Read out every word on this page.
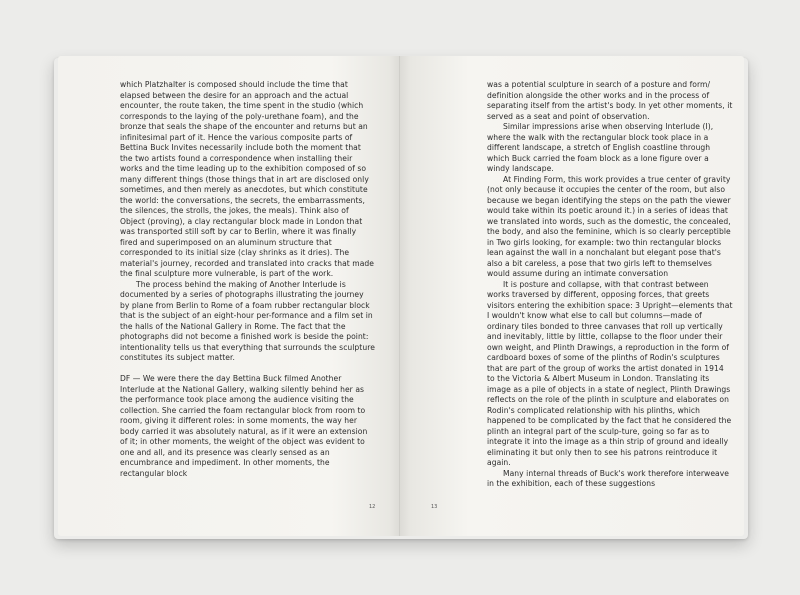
which Platzhalter is composed should include the time that elapsed between the desire for an approach and the actual encounter, the route taken, the time spent in the studio (which corresponds to the laying of the poly-urethane foam), and the bronze that seals the shape of the encounter and returns but an infinitesimal part of it. Hence the various composite parts of Bettina Buck Invites necessarily include both the moment that the two artists found a correspondence when installing their works and the time leading up to the exhibition composed of so many different things (those things that in art are disclosed only sometimes, and then merely as anecdotes, but which constitute the world: the conversations, the secrets, the embarrassments, the silences, the strolls, the jokes, the meals). Think also of Object (proving), a clay rectangular block made in London that was transported still soft by car to Berlin, where it was finally fired and superimposed on an aluminum structure that corresponded to its initial size (clay shrinks as it dries). The material's journey, recorded and translated into cracks that made the final sculpture more vulnerable, is part of the work.

The process behind the making of Another Interlude is documented by a series of photographs illustrating the journey by plane from Berlin to Rome of a foam rubber rectangular block that is the subject of an eight-hour per-formance and a film set in the halls of the National Gallery in Rome. The fact that the photographs did not become a finished work is beside the point: intentionality tells us that everything that surrounds the sculpture constitutes its subject matter.

DF — We were there the day Bettina Buck filmed Another Interlude at the National Gallery, walking silently behind her as the performance took place among the audience visiting the collection. She carried the foam rectangular block from room to room, giving it different roles: in some moments, the way her body carried it was absolutely natural, as if it were an extension of it; in other moments, the weight of the object was evident to one and all, and its presence was clearly sensed as an encumbrance and impediment. In other moments, the rectangular block

12

was a potential sculpture in search of a posture and form/ definition alongside the other works and in the process of separating itself from the artist's body. In yet other moments, it served as a seat and point of observation.

Similar impressions arise when observing Interlude (I), where the walk with the rectangular block took place in a different landscape, a stretch of English coastline through which Buck carried the foam block as a lone figure over a windy landscape.

At Finding Form, this work provides a true center of gravity (not only because it occupies the center of the room, but also because we began identifying the steps on the path the viewer would take within its poetic around it.) in a series of ideas that we translated into words, such as the domestic, the concealed, the body, and also the feminine, which is so clearly perceptible in Two girls looking, for example: two thin rectangular blocks lean against the wall in a nonchalant but elegant pose that's also a bit careless, a pose that two girls left to themselves would assume during an intimate conversation

It is posture and collapse, with that contrast between works traversed by different, opposing forces, that greets visitors entering the exhibition space: 3 Upright—elements that I wouldn't know what else to call but columns—made of ordinary tiles bonded to three canvases that roll up vertically and inevitably, little by little, collapse to the floor under their own weight, and Plinth Drawings, a reproduction in the form of cardboard boxes of some of the plinths of Rodin's sculptures that are part of the group of works the artist donated in 1914 to the Victoria & Albert Museum in London. Translating its image as a pile of objects in a state of neglect, Plinth Drawings reflects on the role of the plinth in sculpture and elaborates on Rodin's complicated relationship with his plinths, which happened to be complicated by the fact that he considered the plinth an integral part of the sculp-ture, going so far as to integrate it into the image as a thin strip of ground and ideally eliminating it but only then to see his patrons reintroduce it again.

Many internal threads of Buck's work therefore interweave in the exhibition, each of these suggestions

13
